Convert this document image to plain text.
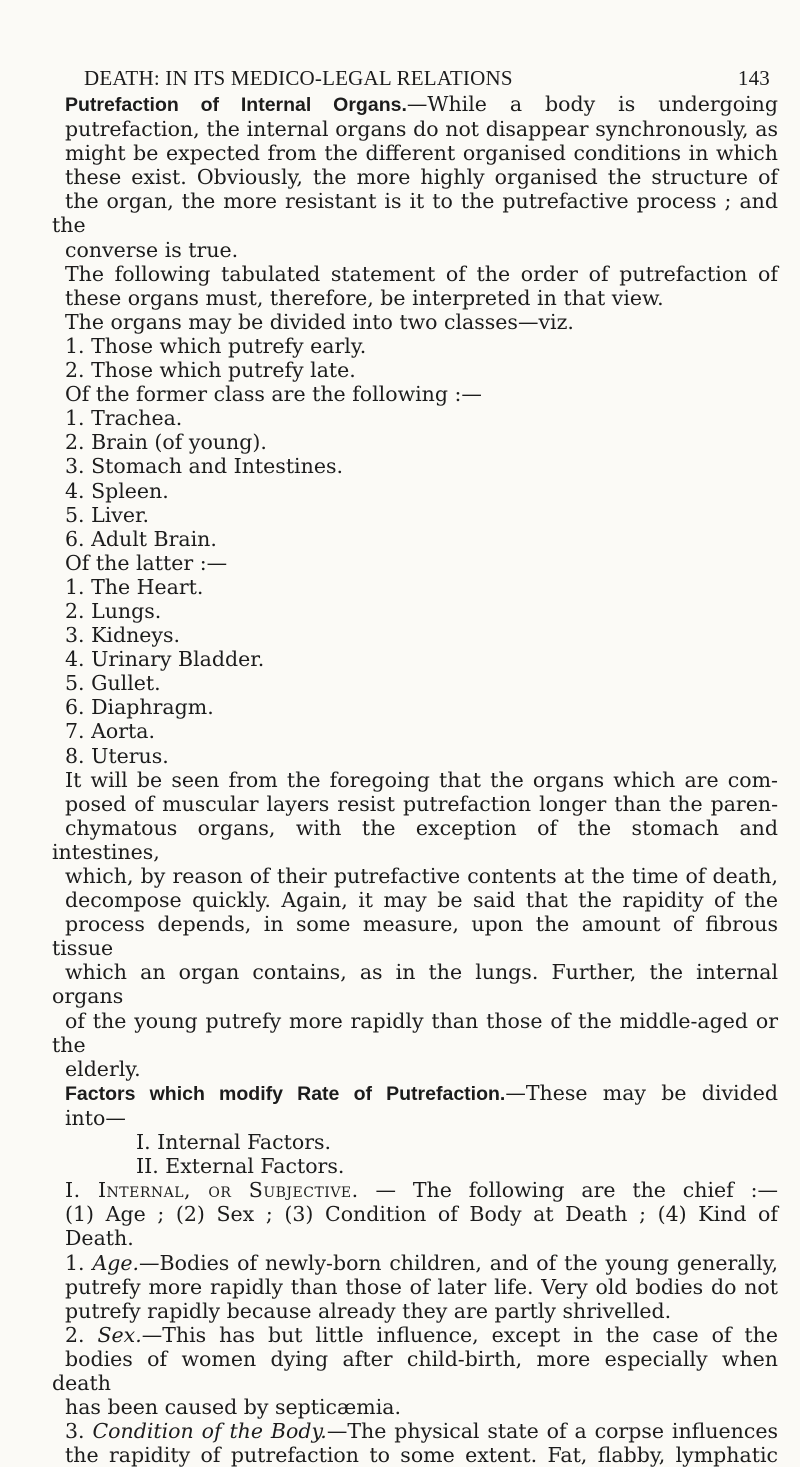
DEATH: IN ITS MEDICO-LEGAL RELATIONS	143

Putrefaction of Internal Organs.—While a body is undergoing
putrefaction, the internal organs do not disappear synchronously, as
might be expected from the different organised conditions in which
these exist. Obviously, the more highly organised the structure of
the organ, the more resistant is it to the putrefactive process ; and the
converse is true.

The following tabulated statement of the order of putrefaction of
these organs must, therefore, be interpreted in that view.

The organs may be divided into two classes—viz.

1. Those which putrefy early.

2. Those which putrefy late.

Of the former class are the following :—

1. Trachea.

2. Brain (of young).

3. Stomach and Intestines.

4. Spleen.

5. Liver.

6. Adult Brain.

Of the latter :—

1. The Heart.

2. Lungs.

3. Kidneys.

4. Urinary Bladder.

5. Gullet.

6. Diaphragm.

7. Aorta.

8. Uterus.

It will be seen from the foregoing that the organs which are com-
posed of muscular layers resist putrefaction longer than the paren-
chymatous organs, with the exception of the stomach and intestines,
which, by reason of their putrefactive contents at the time of death,
decompose quickly. Again, it may be said that the rapidity of the
process depends, in some measure, upon the amount of fibrous tissue
which an organ contains, as in the lungs. Further, the internal organs
of the young putrefy more rapidly than those of the middle-aged or the
elderly.

Factors which modify Rate of Putrefaction.—These may be divided
into—

I. Internal Factors.

II. External Factors.

I. Internal, or Subjective. — The following are the chief :—
(1) Age ; (2) Sex ; (3) Condition of Body at Death ; (4) Kind of
Death.

1. Age.—Bodies of newly-born children, and of the young generally,
putrefy more rapidly than those of later life. Very old bodies do not
putrefy rapidly because already they are partly shrivelled.

2. Sex.—This has but little influence, except in the case of the
bodies of women dying after child-birth, more especially when death
has been caused by septicæmia.

3. Condition of the Body.—The physical state of a corpse influences
the rapidity of putrefaction to some extent. Fat, flabby, lymphatic
